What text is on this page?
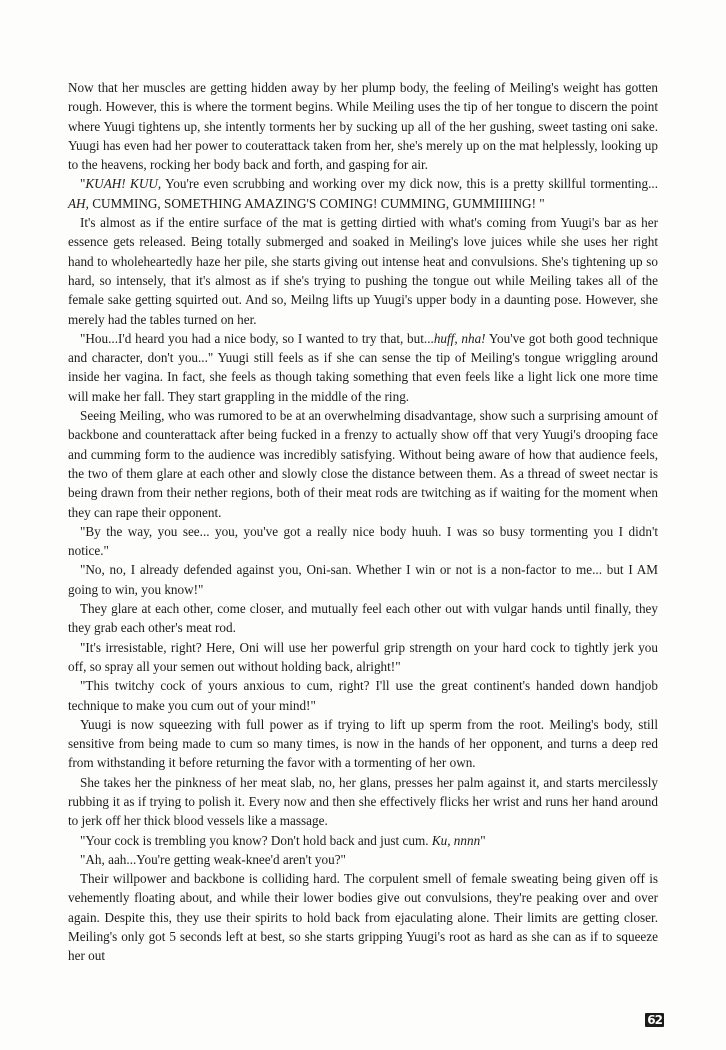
Now that her muscles are getting hidden away by her plump body, the feeling of Meiling's weight has gotten rough. However, this is where the torment begins. While Meiling uses the tip of her tongue to discern the point where Yuugi tightens up, she intently torments her by sucking up all of the her gushing, sweet tasting oni sake. Yuugi has even had her power to couterattack taken from her, she's merely up on the mat helplessly, looking up to the heavens, rocking her body back and forth, and gasping for air.

"KUAH! KUU, You're even scrubbing and working over my dick now, this is a pretty skillful tormenting... AH, CUMMING, SOMETHING AMAZING'S COMING! CUMMING, GUMMIIIING! "

It's almost as if the entire surface of the mat is getting dirtied with what's coming from Yuugi's bar as her essence gets released. Being totally submerged and soaked in Meiling's love juices while she uses her right hand to wholeheartedly haze her pile, she starts giving out intense heat and convulsions. She's tightening up so hard, so intensely, that it's almost as if she's trying to pushing the tongue out while Meiling takes all of the female sake getting squirted out. And so, Meilng lifts up Yuugi's upper body in a daunting pose. However, she merely had the tables turned on her.

"Hou...I'd heard you had a nice body, so I wanted to try that, but...huff, nha! You've got both good technique and character, don't you..." Yuugi still feels as if she can sense the tip of Meiling's tongue wriggling around inside her vagina. In fact, she feels as though taking something that even feels like a light lick one more time will make her fall. They start grappling in the middle of the ring.

Seeing Meiling, who was rumored to be at an overwhelming disadvantage, show such a surprising amount of backbone and counterattack after being fucked in a frenzy to actually show off that very Yuugi's drooping face and cumming form to the audience was incredibly satisfying. Without being aware of how that audience feels, the two of them glare at each other and slowly close the distance between them. As a thread of sweet nectar is being drawn from their nether regions, both of their meat rods are twitching as if waiting for the moment when they can rape their opponent.

"By the way, you see... you, you've got a really nice body huuh. I was so busy tormenting you I didn't notice."

"No, no, I already defended against you, Oni-san. Whether I win or not is a non-factor to me... but I AM going to win, you know!"

They glare at each other, come closer, and mutually feel each other out with vulgar hands until finally, they they grab each other's meat rod.

"It's irresistable, right? Here, Oni will use her powerful grip strength on your hard cock to tightly jerk you off, so spray all your semen out without holding back, alright!"

"This twitchy cock of yours anxious to cum, right? I'll use the great continent's handed down handjob technique to make you cum out of your mind!"

Yuugi is now squeezing with full power as if trying to lift up sperm from the root. Meiling's body, still sensitive from being made to cum so many times, is now in the hands of her opponent, and turns a deep red from withstanding it before returning the favor with a tormenting of her own.

She takes her the pinkness of her meat slab, no, her glans, presses her palm against it, and starts mercilessly rubbing it as if trying to polish it. Every now and then she effectively flicks her wrist and runs her hand around to jerk off her thick blood vessels like a massage.

"Your cock is trembling you know? Don't hold back and just cum. Ku, nnnn"

"Ah, aah...You're getting weak-knee'd aren't you?"

Their willpower and backbone is colliding hard. The corpulent smell of female sweating being given off is vehemently floating about, and while their lower bodies give out convulsions, they're peaking over and over again. Despite this, they use their spirits to hold back from ejaculating alone. Their limits are getting closer. Meiling's only got 5 seconds left at best, so she starts gripping Yuugi's root as hard as she can as if to squeeze her out

62
